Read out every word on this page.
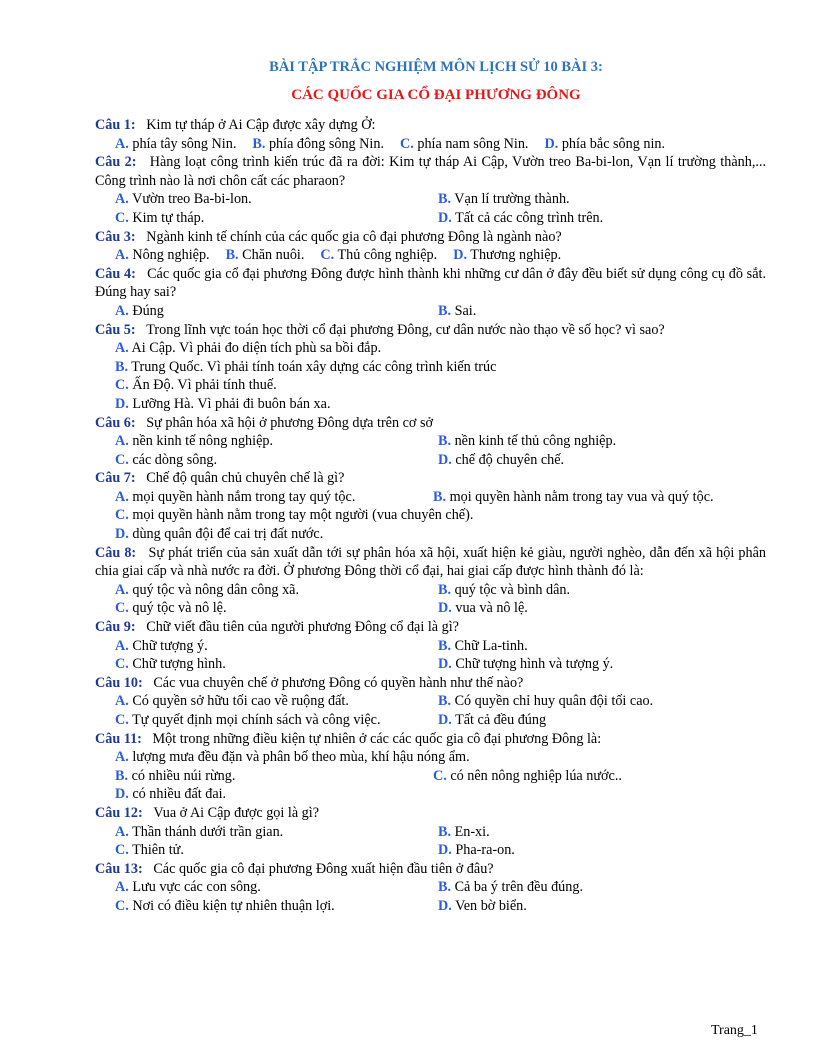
BÀI TẬP TRẮC NGHIỆM MÔN LỊCH SỬ 10 BÀI 3:
CÁC QUỐC GIA CỔ ĐẠI PHƯƠNG ĐÔNG

Câu 1: Kim tự tháp ở Ai Cập được xây dựng Ở:

A. phía tây sông Nin. B. phía đông sông Nin. C. phía nam sông Nin. D. phía bắc sông nin.

Câu 2: Hàng loạt công trình kiến trúc đã ra đời: Kim tự tháp Ai Cập, Vườn treo Ba-bi-lon, Vạn lí trường thành,... Công trình nào là nơi chôn cất các pharaon?

A. Vườn treo Ba-bi-lon.	B. Vạn lí trường thành.
C. Kim tự tháp.	D. Tất cả các công trình trên.

Câu 3: Ngành kinh tế chính của các quốc gia cô đại phương Đông là ngành nào?

A. Nông nghiệp. B. Chăn nuôi. C. Thủ công nghiệp. D. Thương nghiệp.

Câu 4: Các quốc gia cổ đại phương Đông được hình thành khi những cư dân ở đây đều biết sử dụng công cụ đồ sắt. Đúng hay sai?

A. Đúng	B. Sai.

Câu 5: Trong lĩnh vực toán học thời cổ đại phương Đông, cư dân nước nào thạo về số học? vì sao?

A. Ai Cập. Vì phải đo diện tích phù sa bồi đắp.
B. Trung Quốc. Vì phải tính toán xây dựng các công trình kiến trúc
C. Ấn Độ. Vì phải tính thuế.
D. Lưỡng Hà. Vì phải đi buôn bán xa.

Câu 6: Sự phân hóa xã hội ở phương Đông dựa trên cơ sở

A. nền kinh tế nông nghiệp.	B. nền kinh tế thủ công nghiệp.
C. các dòng sông.	D. chế độ chuyên chế.

Câu 7: Chế độ quân chủ chuyên chế là gì?

A. mọi quyền hành nắm trong tay quý tộc.	B. mọi quyền hành nằm trong tay vua và quý tộc.
C. mọi quyền hành nằm trong tay một người (vua chuyên chế).
D. dùng quân đội để cai trị đất nước.

Câu 8: Sự phát triển của sản xuất dẫn tới sự phân hóa xã hội, xuất hiện kẻ giàu, người nghèo, dẫn đến xã hội phân chia giai cấp và nhà nước ra đời. Ở phương Đông thời cổ đại, hai giai cấp được hình thành đó là:

A. quý tộc và nông dân công xã.	B. quý tộc và bình dân.
C. quý tộc và nô lệ.	D. vua và nô lệ.

Câu 9: Chữ viết đầu tiên của người phương Đông cổ đại là gì?

A. Chữ tượng ý.	B. Chữ La-tinh.
C. Chữ tượng hình.	D. Chữ tượng hình và tượng ý.

Câu 10: Các vua chuyên chế ở phương Đông có quyền hành như thế nào?

A. Có quyền sở hữu tối cao về ruộng đất.	B. Có quyền chỉ huy quân đội tối cao.
C. Tự quyết định mọi chính sách và công việc.	D. Tất cả đều đúng

Câu 11: Một trong những điều kiện tự nhiên ở các các quốc gia cô đại phương Đông là:

A. lượng mưa đều đặn và phân bố theo mùa, khí hậu nóng ẩm.
B. có nhiều núi rừng.	C. có nên nông nghiệp lúa nước..
D. có nhiều đất đai.

Câu 12: Vua ở Ai Cập được gọi là gì?

A. Thần thánh dưới trần gian.	B. En-xi.
C. Thiên tử.	D. Pha-ra-on.

Câu 13: Các quốc gia cô đại phương Đông xuất hiện đầu tiên ở đâu?

A. Lưu vực các con sông.	B. Cả ba ý trên đều đúng.
C. Nơi có điều kiện tự nhiên thuận lợi.	D. Ven bờ biển.
Trang_1
